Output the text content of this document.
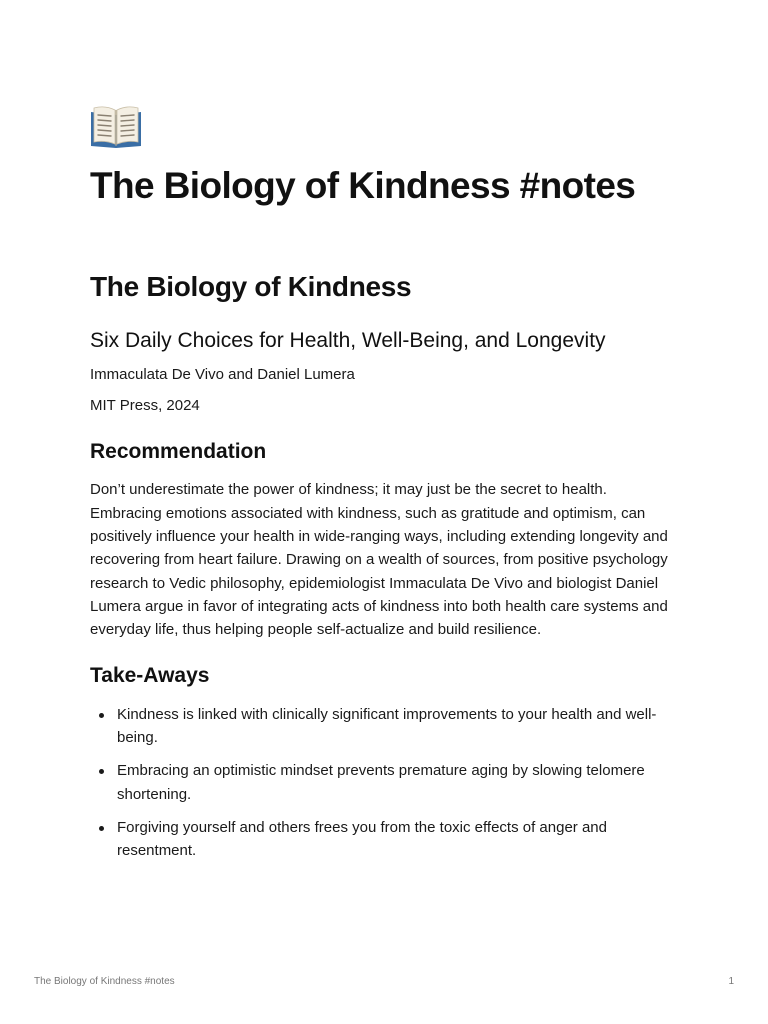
The Biology of Kindness #notes
The Biology of Kindness
Six Daily Choices for Health, Well-Being, and Longevity
Immaculata De Vivo and Daniel Lumera
MIT Press, 2024
Recommendation

Don’t underestimate the power of kindness; it may just be the secret to health. Embracing emotions associated with kindness, such as gratitude and optimism, can positively influence your health in wide-ranging ways, including extending longevity and recovering from heart failure. Drawing on a wealth of sources, from positive psychology research to Vedic philosophy, epidemiologist Immaculata De Vivo and biologist Daniel Lumera argue in favor of integrating acts of kindness into both health care systems and everyday life, thus helping people self-actualize and build resilience.

Take-Aways
Kindness is linked with clinically significant improvements to your health and well-being.
Embracing an optimistic mindset prevents premature aging by slowing telomere shortening.
Forgiving yourself and others frees you from the toxic effects of anger and resentment.
The Biology of Kindness #notes	1
